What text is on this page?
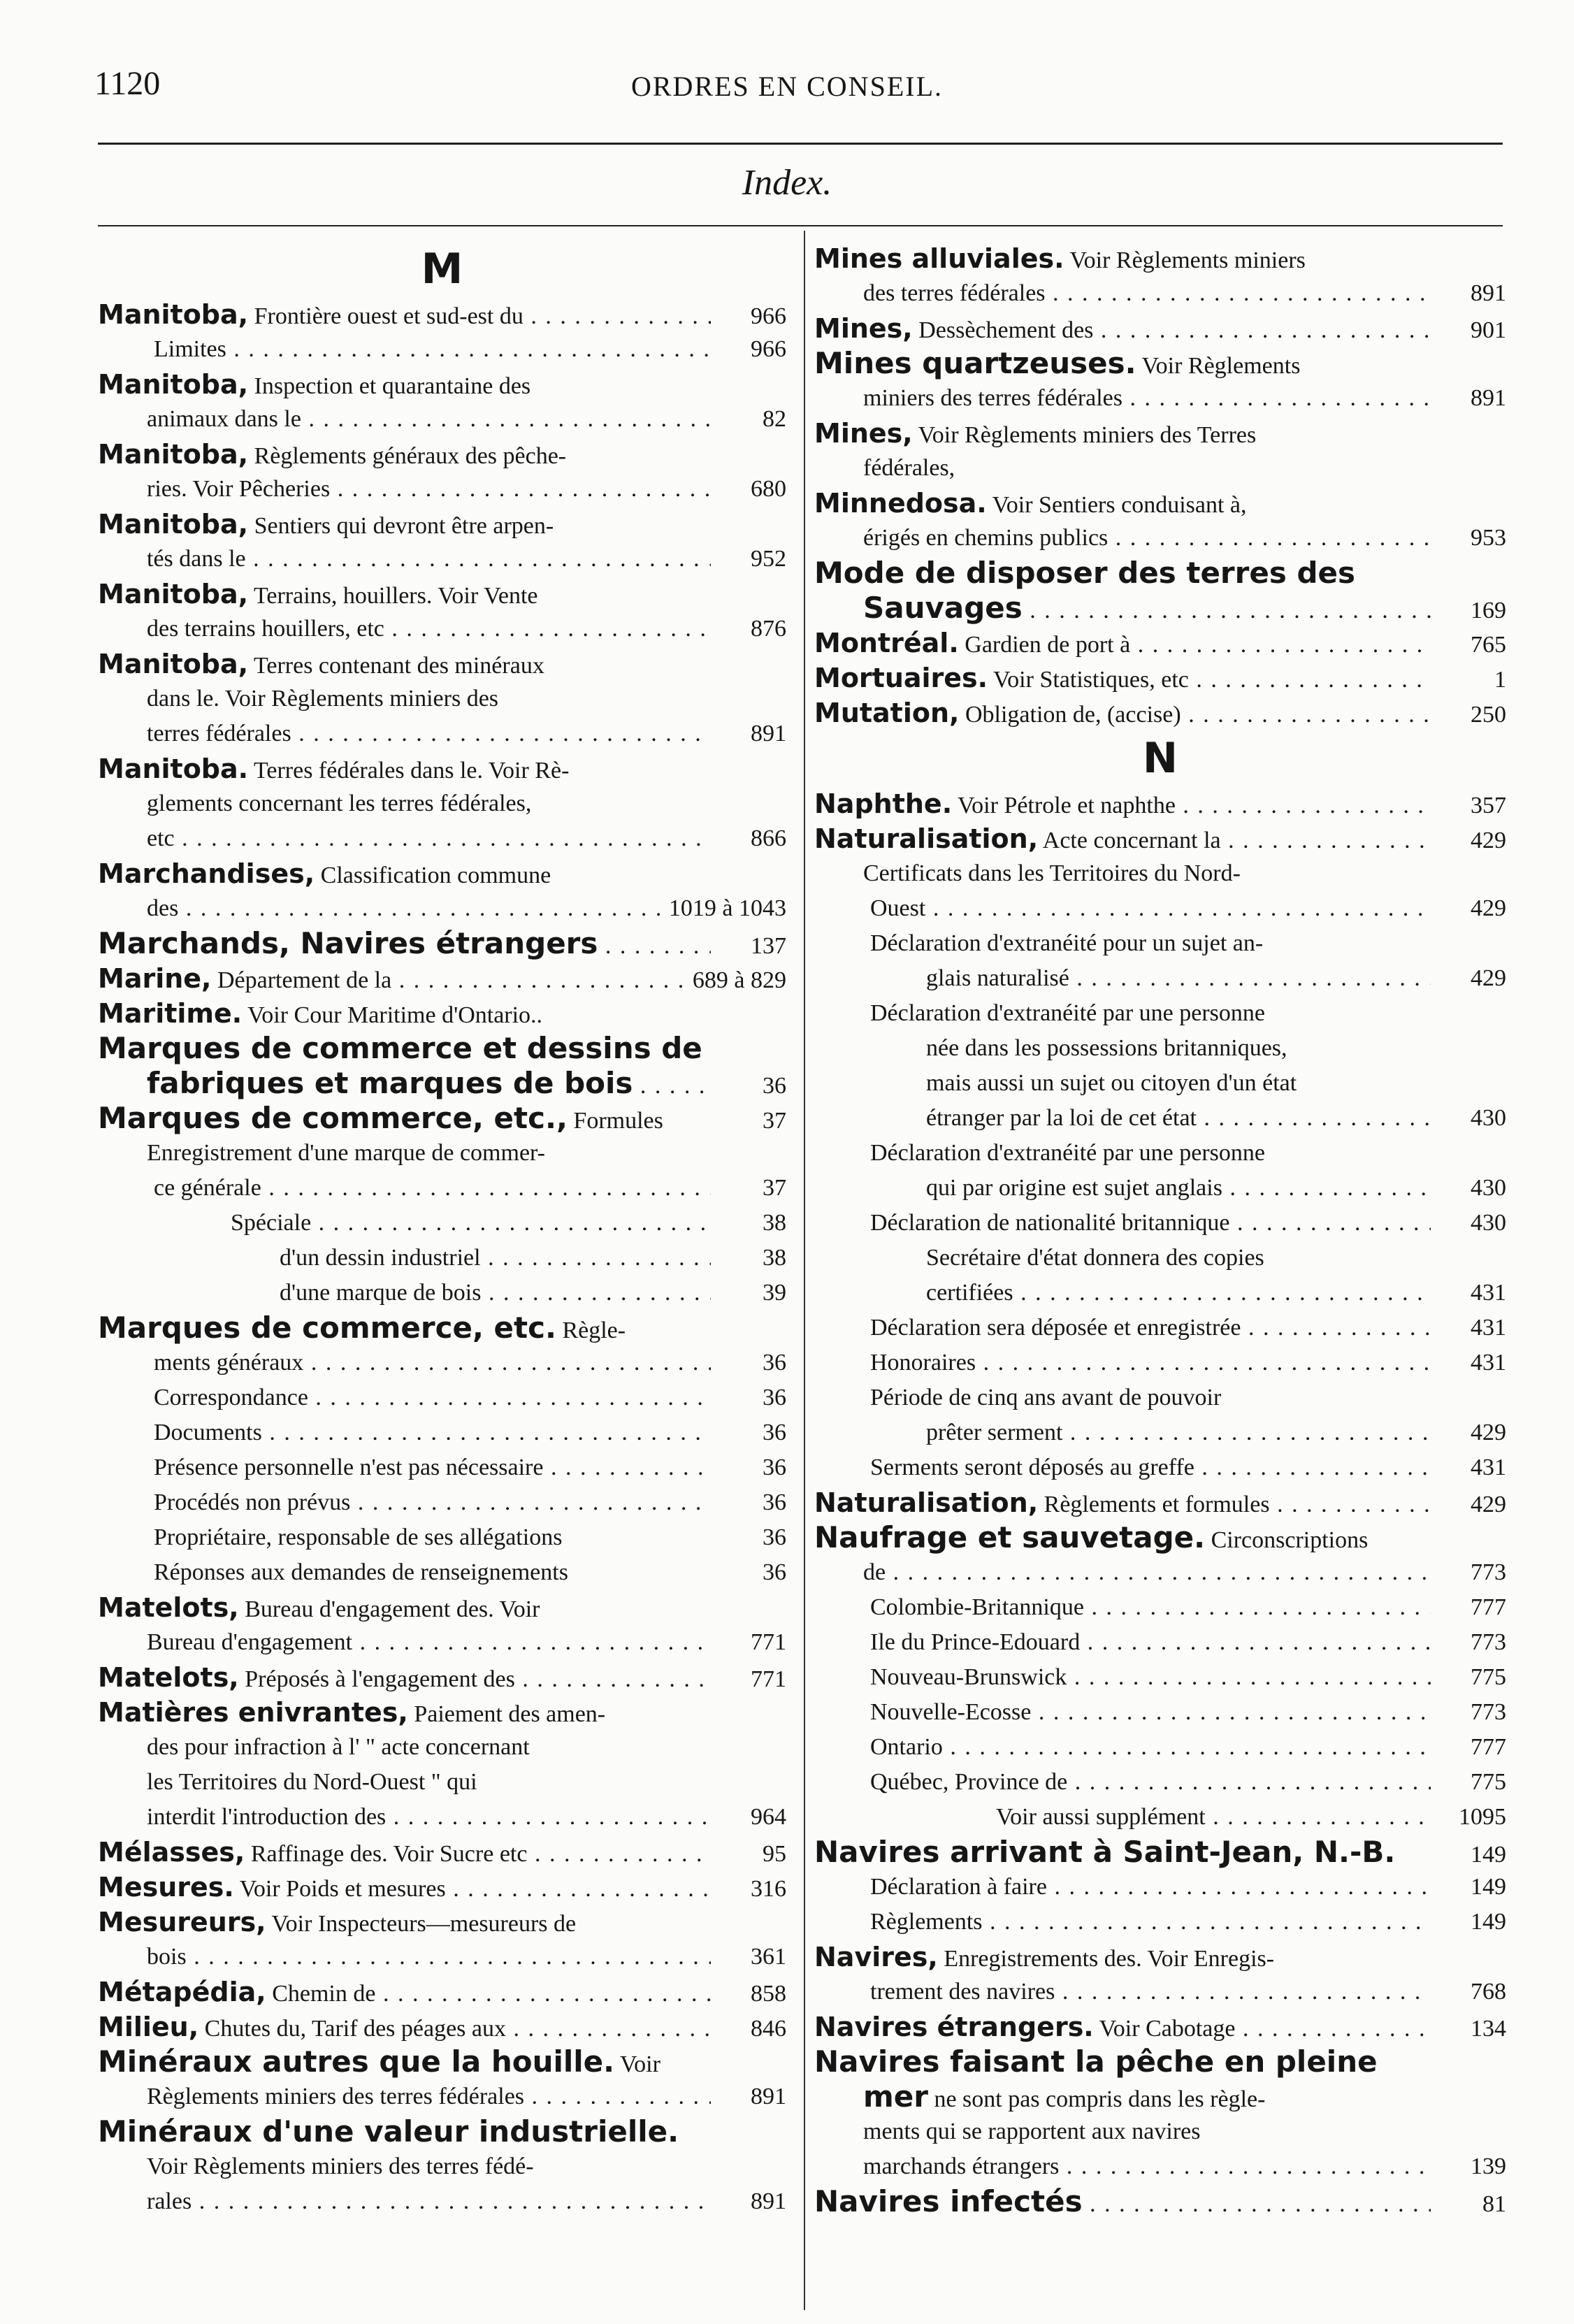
1120	ORDRES EN CONSEIL.
Index.
M
Manitoba, Frontière ouest et sud-est du . . .	966
Limites . . .	966
Manitoba, Inspection et quarantaine des
animaux dans le . . .	82
Manitoba, Règlements généraux des pêche-
ries. Voir Pêcheries . . .	680
Manitoba, Sentiers qui devront être arpen-
tés dans le . . .	952
Manitoba, Terrains, houillers. Voir Vente
des terrains houillers, etc . . .	876
Manitoba, Terres contenant des minéraux
dans le. Voir Règlements miniers des
terres fédérales . . .	891
Manitoba. Terres fédérales dans le. Voir Rè-
glements concernant les terres fédérales,
etc . . .	866
Marchandises, Classification commune
des . . .	1019 à 1043
Marchands, Navires étrangers . . .	137
Marine, Département de la . . .	689 à 829
Maritime. Voir Cour Maritime d'Ontario..
Marques de commerce et dessins de
fabriques et marques de bois . . .	36
Marques de commerce, etc., Formules	37
Enregistrement d'une marque de commer-
ce générale . . .	37
Spéciale . . .	38
d'un dessin industriel . . .	38
d'une marque de bois . . .	39
Marques de commerce, etc. Règle-
ments généraux . . .	36
Correspondance . . .	36
Documents . . .	36
Présence personnelle n'est pas nécessaire . . .	36
Procédés non prévus . . .	36
Propriétaire, responsable de ses allégations	36
Réponses aux demandes de renseignements	36
Matelots, Bureau d'engagement des. Voir
Bureau d'engagement . . .	771
Matelots, Préposés à l'engagement des . . .	771
Matières enivrantes, Paiement des amen-
des pour infraction à l' " acte concernant
les Territoires du Nord-Ouest " qui
interdit l'introduction des . . .	964
Mélasses, Raffinage des. Voir Sucre etc . . .	95
Mesures. Voir Poids et mesures . . .	316
Mesureurs, Voir Inspecteurs—mesureurs de
bois . . .	361
Métapédia, Chemin de . . .	858
Milieu, Chutes du, Tarif des péages aux . . .	846
Minéraux autres que la houille. Voir
Règlements miniers des terres fédérales . . .	891
Minéraux d'une valeur industrielle.
Voir Règlements miniers des terres fédé-
rales . . .	891
Mines alluviales. Voir Règlements miniers
des terres fédérales . . .	891
Mines, Dessèchement des . . .	901
Mines quartzeuses. Voir Règlements
miniers des terres fédérales . . .	891
Mines, Voir Règlements miniers des Terres
fédérales,
Minnedosa. Voir Sentiers conduisant à,
érigés en chemins publics . . .	953
Mode de disposer des terres des
Sauvages . . .	169
Montréal. Gardien de port à . . .	765
Mortuaires. Voir Statistiques, etc . . .	1
Mutation, Obligation de, (accise) . . .	250
N
Naphthe. Voir Pétrole et naphthe . . .	357
Naturalisation, Acte concernant la . . .	429
Certificats dans les Territoires du Nord-
Ouest . . .	429
Déclaration d'extranéité pour un sujet an-
glais naturalisé . . .	429
Déclaration d'extranéité par une personne
née dans les possessions britanniques,
mais aussi un sujet ou citoyen d'un état
étranger par la loi de cet état . . .	430
Déclaration d'extranéité par une personne
qui par origine est sujet anglais . . .	430
Déclaration de nationalité britannique . . .	430
Secrétaire d'état donnera des copies
certifiées . . .	431
Déclaration sera déposée et enregistrée . . .	431
Honoraires . . .	431
Période de cinq ans avant de pouvoir
prêter serment . . .	429
Serments seront déposés au greffe . . .	431
Naturalisation, Règlements et formules . . .	429
Naufrage et sauvetage. Circonscriptions
de . . .	773
Colombie-Britannique . . .	777
Ile du Prince-Edouard . . .	773
Nouveau-Brunswick . . .	775
Nouvelle-Ecosse . . .	773
Ontario . . .	777
Québec, Province de . . .	775
Voir aussi supplément . . .	1095
Navires arrivant à Saint-Jean, N.-B.	149
Déclaration à faire . . .	149
Règlements . . .	149
Navires, Enregistrements des. Voir Enregis-
trement des navires . . .	768
Navires étrangers. Voir Cabotage . . .	134
Navires faisant la pêche en pleine
mer ne sont pas compris dans les règle-
ments qui se rapportent aux navires
marchands étrangers . . .	139
Navires infectés . . .	81
